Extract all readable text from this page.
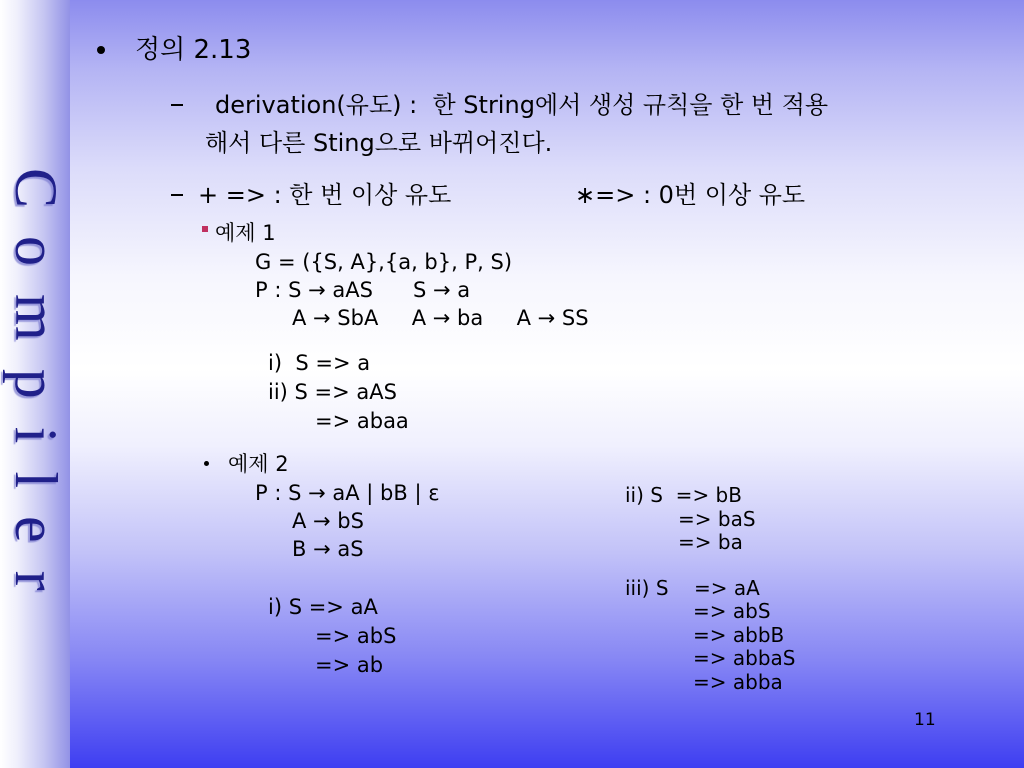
Compiler
정의 2.13
derivation(유도) :  한 String에서 생성 규칙을 한 번 적용
해서 다른 Sting으로 바뀌어진다.
+ => : 한 번 이상 유도	∗=> : 0번 이상 유도
예제 1
G = ({S, A},{a, b}, P, S)
P : S → aAS      S → a
A → SbA     A → ba     A → SS
i)  S => a
ii) S => aAS
=> abaa
예제 2
P : S → aA | bB | ε
A → bS
B → aS
i) S => aA
=> abS
=> ab
ii) S  => bB
=> baS
=> ba
iii) S    => aA
=> abS
=> abbB
=> abbaS
=> abba
11
